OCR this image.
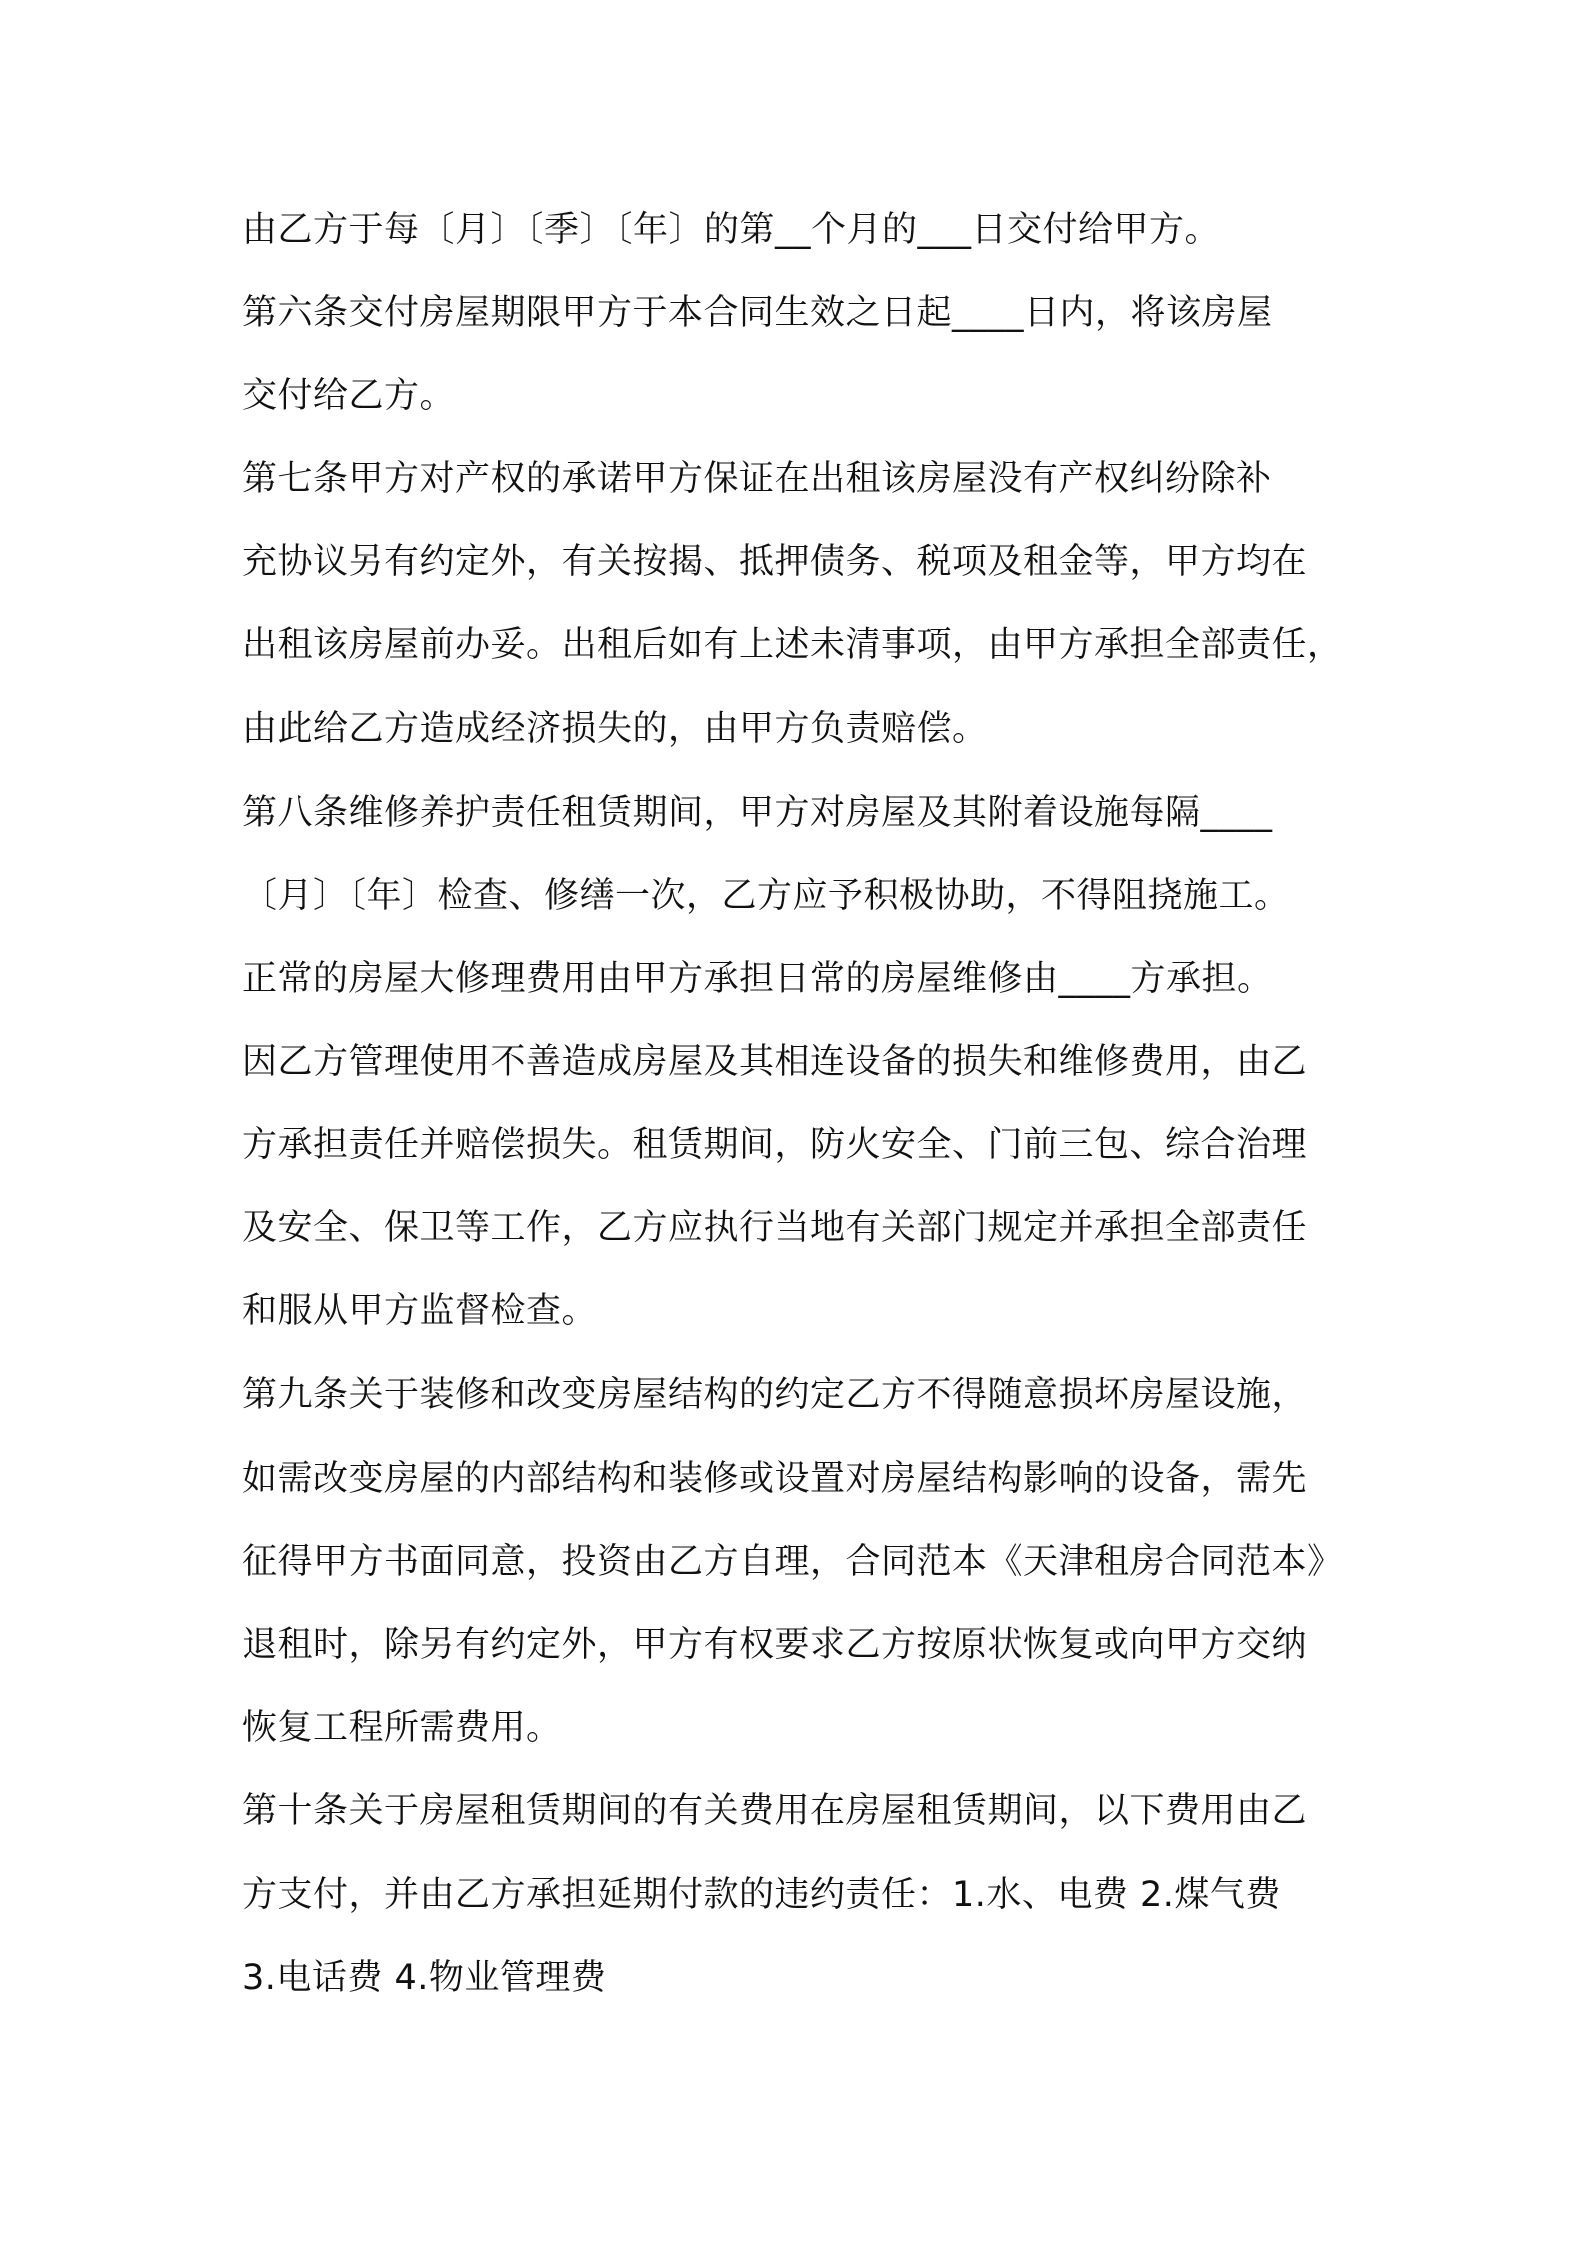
由乙方于每〔月〕〔季〕〔年〕的第__个月的___日交付给甲方。

第六条交付房屋期限甲方于本合同生效之日起____日内，将该房屋

交付给乙方。

第七条甲方对产权的承诺甲方保证在出租该房屋没有产权纠纷除补

充协议另有约定外，有关按揭、抵押债务、税项及租金等，甲方均在

出租该房屋前办妥。出租后如有上述未清事项，由甲方承担全部责任，

由此给乙方造成经济损失的，由甲方负责赔偿。

第八条维修养护责任租赁期间，甲方对房屋及其附着设施每隔____

〔月〕〔年〕检查、修缮一次，乙方应予积极协助，不得阻挠施工。

正常的房屋大修理费用由甲方承担日常的房屋维修由____方承担。

因乙方管理使用不善造成房屋及其相连设备的损失和维修费用，由乙

方承担责任并赔偿损失。租赁期间，防火安全、门前三包、综合治理

及安全、保卫等工作，乙方应执行当地有关部门规定并承担全部责任

和服从甲方监督检查。

第九条关于装修和改变房屋结构的约定乙方不得随意损坏房屋设施，

如需改变房屋的内部结构和装修或设置对房屋结构影响的设备，需先

征得甲方书面同意，投资由乙方自理，合同范本《天津租房合同范本》

退租时，除另有约定外，甲方有权要求乙方按原状恢复或向甲方交纳

恢复工程所需费用。

第十条关于房屋租赁期间的有关费用在房屋租赁期间，以下费用由乙

方支付，并由乙方承担延期付款的违约责任：1.水、电费 2.煤气费

3.电话费 4.物业管理费
